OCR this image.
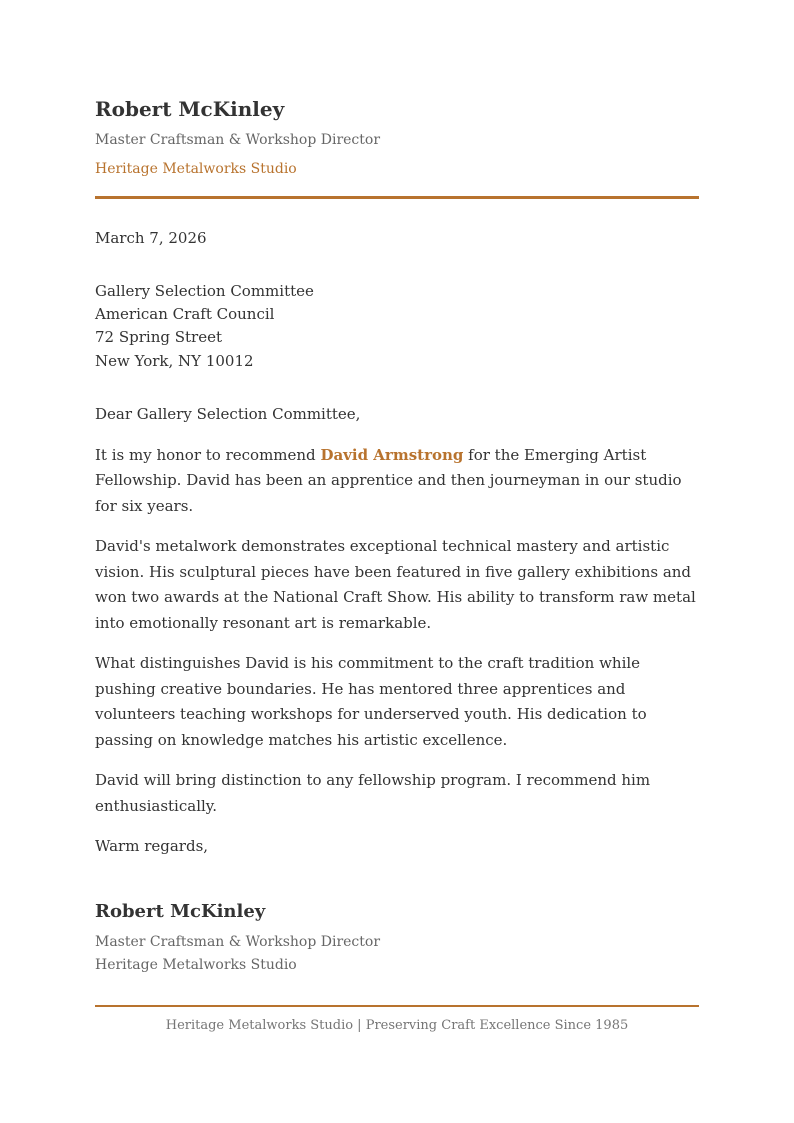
Robert McKinley

Master Craftsman & Workshop Director

Heritage Metalworks Studio

March 7, 2026

Gallery Selection Committee
American Craft Council
72 Spring Street
New York, NY 10012

Dear Gallery Selection Committee,

It is my honor to recommend David Armstrong for the Emerging Artist Fellowship. David has been an apprentice and then journeyman in our studio for six years.

David's metalwork demonstrates exceptional technical mastery and artistic vision. His sculptural pieces have been featured in five gallery exhibitions and won two awards at the National Craft Show. His ability to transform raw metal into emotionally resonant art is remarkable.

What distinguishes David is his commitment to the craft tradition while pushing creative boundaries. He has mentored three apprentices and volunteers teaching workshops for underserved youth. His dedication to passing on knowledge matches his artistic excellence.

David will bring distinction to any fellowship program. I recommend him enthusiastically.

Warm regards,

Robert McKinley

Master Craftsman & Workshop Director

Heritage Metalworks Studio

Heritage Metalworks Studio | Preserving Craft Excellence Since 1985
